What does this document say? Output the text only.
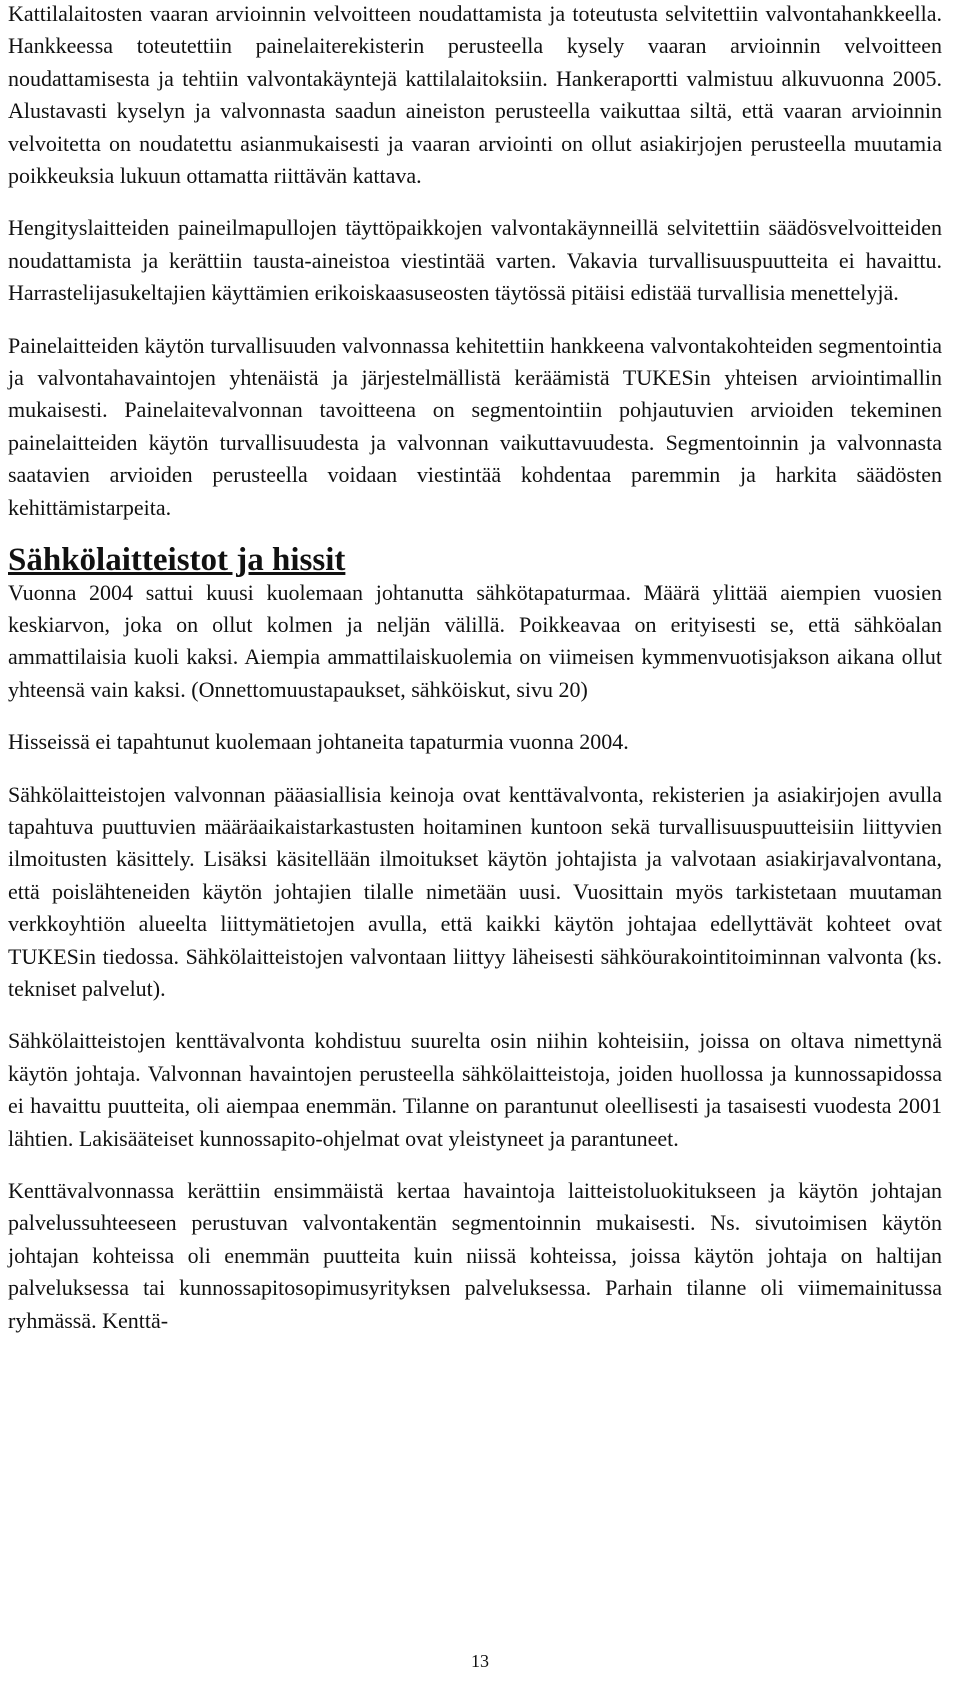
Kattilalaitosten vaaran arvioinnin velvoitteen noudattamista ja toteutusta selvitettiin valvontahankkeella. Hankkeessa toteutettiin painelaiterekisterin perusteella kysely vaaran arvioinnin velvoitteen noudattamisesta ja tehtiin valvontakäyntejä kattilalaitoksiin. Hankeraportti valmistuu alkuvuonna 2005. Alustavasti kyselyn ja valvonnasta saadun aineiston perusteella vaikuttaa siltä, että vaaran arvioinnin velvoitetta on noudatettu asianmukaisesti ja vaaran arviointi on ollut asiakirjojen perusteella muutamia poikkeuksia lukuun ottamatta riittävän kattava.

Hengityslaitteiden paineilmapullojen täyttöpaikkojen valvontakäynneillä selvitettiin säädösvelvoitteiden noudattamista ja kerättiin tausta-aineistoa viestintää varten. Vakavia turvallisuuspuutteita ei havaittu. Harrastelijasukeltajien käyttämien erikoiskaasuseosten täytössä pitäisi edistää turvallisia menettelyjä.

Painelaitteiden käytön turvallisuuden valvonnassa kehitettiin hankkeena valvontakohteiden segmentointia ja valvontahavaintojen yhtenäistä ja järjestelmällistä keräämistä TUKESin yhteisen arviointimallin mukaisesti. Painelaitevalvonnan tavoitteena on segmentointiin pohjautuvien arvioiden tekeminen painelaitteiden käytön turvallisuudesta ja valvonnan vaikuttavuudesta. Segmentoinnin ja valvonnasta saatavien arvioiden perusteella voidaan viestintää kohdentaa paremmin ja harkita säädösten kehittämistarpeita.

Sähkölaitteistot ja hissit

Vuonna 2004 sattui kuusi kuolemaan johtanutta sähkötapaturmaa. Määrä ylittää aiempien vuosien keskiarvon, joka on ollut kolmen ja neljän välillä. Poikkeavaa on erityisesti se, että sähköalan ammattilaisia kuoli kaksi. Aiempia ammattilaiskuolemia on viimeisen kymmenvuotisjakson aikana ollut yhteensä vain kaksi. (Onnettomuustapaukset, sähköiskut, sivu 20)

Hisseissä ei tapahtunut kuolemaan johtaneita tapaturmia vuonna 2004.

Sähkölaitteistojen valvonnan pääasiallisia keinoja ovat kenttävalvonta, rekisterien ja asiakirjojen avulla tapahtuva puuttuvien määräaikaistarkastusten hoitaminen kuntoon sekä turvallisuuspuutteisiin liittyvien ilmoitusten käsittely. Lisäksi käsitellään ilmoitukset käytön johtajista ja valvotaan asiakirjavalvontana, että poislähteneiden käytön johtajien tilalle nimetään uusi. Vuosittain myös tarkistetaan muutaman verkkoyhtiön alueelta liittymätietojen avulla, että kaikki käytön johtajaa edellyttävät kohteet ovat TUKESin tiedossa. Sähkölaitteistojen valvontaan liittyy läheisesti sähköurakointitoiminnan valvonta (ks. tekniset palvelut).

Sähkölaitteistojen kenttävalvonta kohdistuu suurelta osin niihin kohteisiin, joissa on oltava nimettynä käytön johtaja. Valvonnan havaintojen perusteella sähkölaitteistoja, joiden huollossa ja kunnossapidossa ei havaittu puutteita, oli aiempaa enemmän. Tilanne on parantunut oleellisesti ja tasaisesti vuodesta 2001 lähtien. Lakisääteiset kunnossapito-ohjelmat ovat yleistyneet ja parantuneet.

Kenttävalvonnassa kerättiin ensimmäistä kertaa havaintoja laitteistoluokitukseen ja käytön johtajan palvelussuhteeseen perustuvan valvontakentän segmentoinnin mukaisesti. Ns. sivutoimisen käytön johtajan kohteissa oli enemmän puutteita kuin niissä kohteissa, joissa käytön johtaja on haltijan palveluksessa tai kunnossapitosopimusyrityksen palveluksessa. Parhain tilanne oli viimemainitussa ryhmässä. Kenttä-

13
